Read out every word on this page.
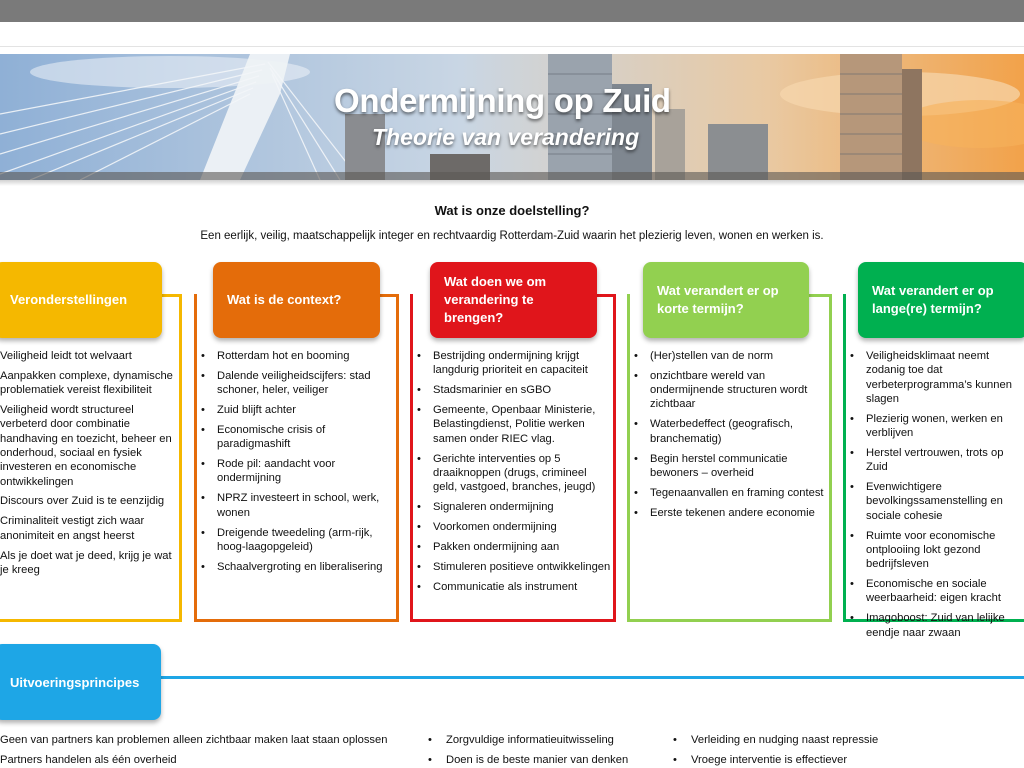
Ondermijning op Zuid
Theorie van verandering
Wat is onze doelstelling?
Een eerlijk, veilig, maatschappelijk integer en rechtvaardig Rotterdam-Zuid waarin het plezierig leven, wonen en werken is.
Veronderstellingen	Wat is de context?
Wat doen we om verandering te brengen?
Wat verandert er op korte termijn?
Wat verandert er op lange(re) termijn?
Veiligheid leidt tot welvaart
Aanpakken complexe, dynamische problematiek vereist flexibiliteit
Veiligheid wordt structureel verbeterd door combinatie handhaving en toezicht, beheer en onderhoud, sociaal en fysiek investeren en economische ontwikkelingen
Discours over Zuid is te eenzijdig
Criminaliteit vestigt zich waar anonimiteit en angst heerst
Als je doet wat je deed, krijg je wat je kreeg
• Rotterdam hot en booming
• Dalende veiligheidscijfers: stad schoner, heler, veiliger
• Zuid blijft achter
• Economische crisis of paradigmashift
• Rode pil: aandacht voor ondermijning
• NPRZ investeert in school, werk, wonen
• Dreigende tweedeling (arm-rijk, hoog-laagopgeleid)
• Schaalvergroting en liberalisering
• Bestrijding ondermijning krijgt langdurig prioriteit en capaciteit
• Stadsmarinier en sGBO
• Gemeente, Openbaar Ministerie, Belastingdienst, Politie werken samen onder RIEC vlag.
• Gerichte interventies op 5 draaiknoppen (drugs, crimineel geld, vastgoed, branches, jeugd)
• Signaleren ondermijning
• Voorkomen ondermijning
• Pakken ondermijning aan
• Stimuleren positieve ontwikkelingen
• Communicatie als instrument
• (Her)stellen van de norm
• onzichtbare wereld van ondermijnende structuren wordt zichtbaar
• Waterbedeffect (geografisch, branchematig)
• Begin herstel communicatie bewoners – overheid
• Tegenaanvallen en framing contest
• Eerste tekenen andere economie
• Veiligheidsklimaat neemt zodanig toe dat verbeterprogramma’s kunnen slagen
• Plezierig wonen, werken en verblijven
• Herstel vertrouwen, trots op Zuid
• Evenwichtigere bevolkingssamenstelling en sociale cohesie
• Ruimte voor economische ontplooiing lokt gezond bedrijfsleven
• Economische en sociale weerbaarheid: eigen kracht
• Imagoboost: Zuid van lelijke eendje naar zwaan
Uitvoeringsprincipes
Geen van partners kan problemen alleen zichtbaar maken laat staan oplossen
Partners handelen als één overheid
• Zorgvuldige informatieuitwisseling
• Doen is de beste manier van denken
• Verleiding en nudging naast repressie
• Vroege interventie is effectiever
